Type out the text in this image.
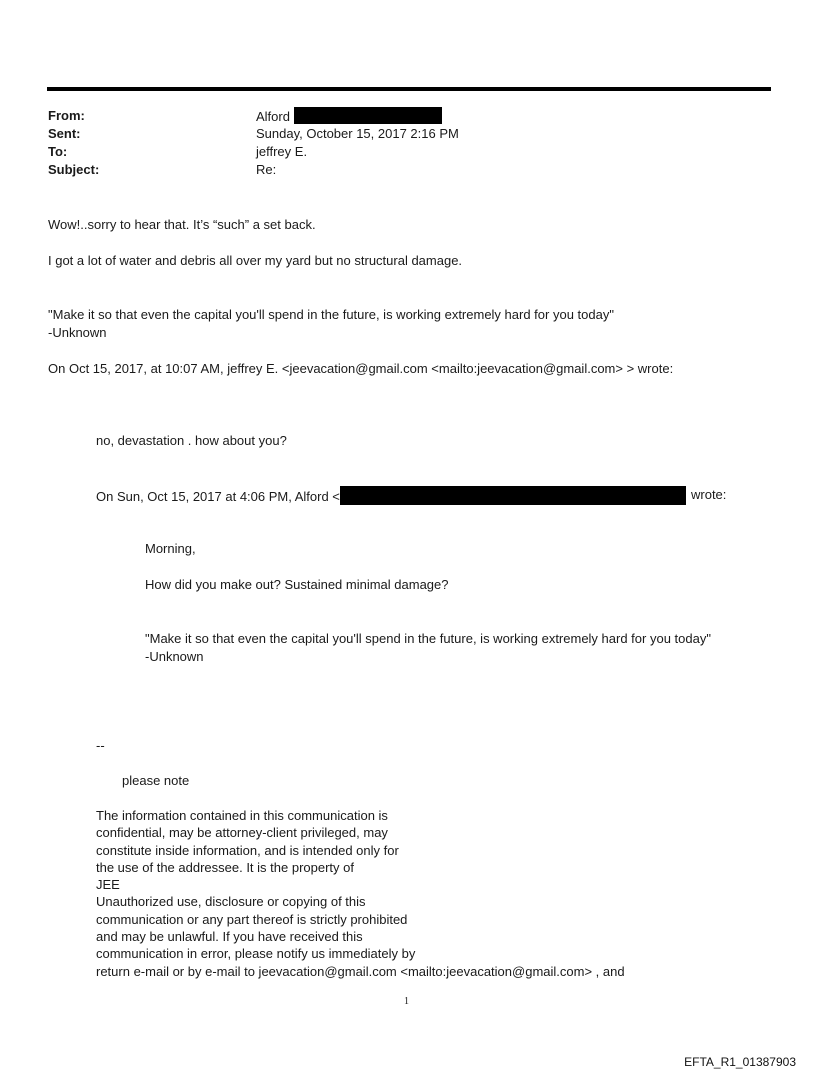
From:	Alford
Sent:	Sunday, October 15, 2017 2:16 PM
To:	jeffrey E.
Subject:	Re:
Wow!..sorry to hear that. It’s “such” a set back.
I got a lot of water and debris all over my yard but no structural damage.
"Make it so that even the capital you'll spend in the future, is working extremely hard for you today"
-Unknown
On Oct 15, 2017, at 10:07 AM, jeffrey E. <jeevacation@gmail.com <mailto:jeevacation@gmail.com> > wrote:
no, devastation . how about you?
On Sun, Oct 15, 2017 at 4:06 PM, Alford <	wrote:
Morning,
How did you make out? Sustained minimal damage?
"Make it so that even the capital you'll spend in the future, is working extremely hard for you today"
-Unknown
--
please note
The information contained in this communication is
confidential, may be attorney-client privileged, may
constitute inside information, and is intended only for
the use of the addressee. It is the property of
JEE
Unauthorized use, disclosure or copying of this
communication or any part thereof is strictly prohibited
and may be unlawful. If you have received this
communication in error, please notify us immediately by
return e-mail or by e-mail to jeevacation@gmail.com <mailto:jeevacation@gmail.com> , and
1
EFTA_R1_01387903
